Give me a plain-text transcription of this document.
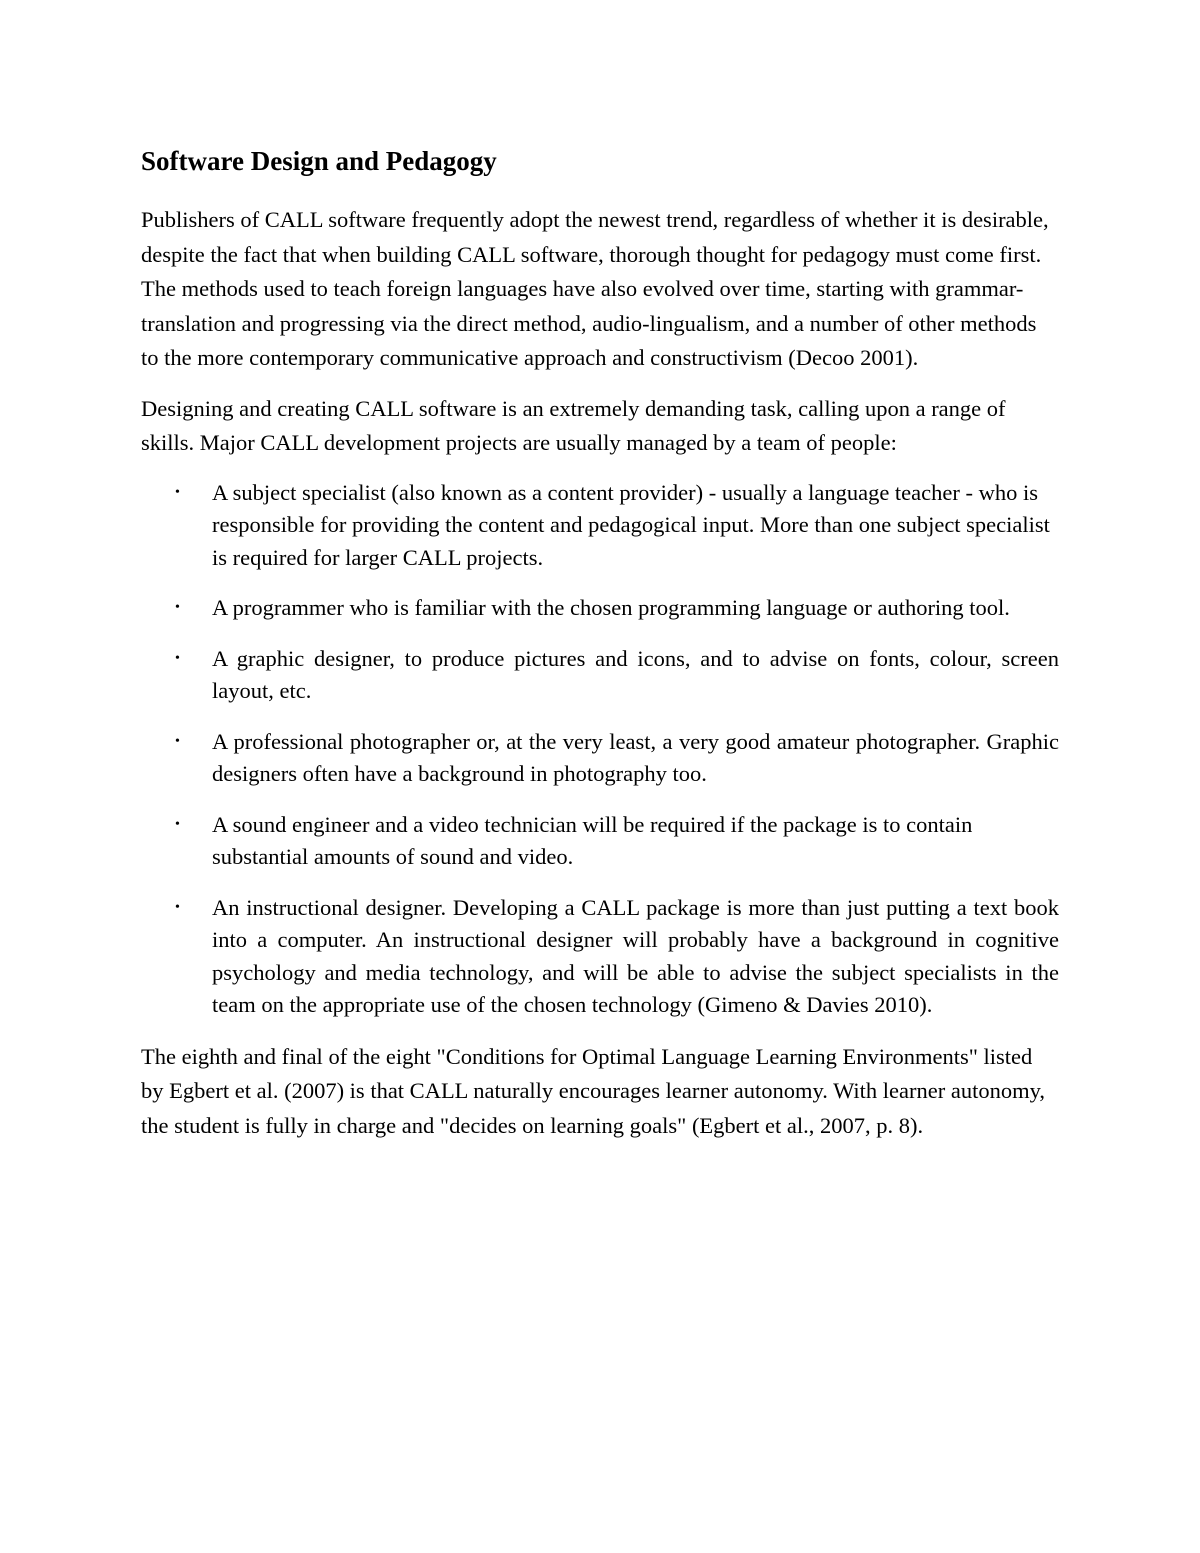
Software Design and Pedagogy

Publishers of CALL software frequently adopt the newest trend, regardless of whether it is desirable, despite the fact that when building CALL software, thorough thought for pedagogy must come first. The methods used to teach foreign languages have also evolved over time, starting with grammar-translation and progressing via the direct method, audio-lingualism, and a number of other methods to the more contemporary communicative approach and constructivism (Decoo 2001).

Designing and creating CALL software is an extremely demanding task, calling upon a range of skills. Major CALL development projects are usually managed by a team of people:

• A subject specialist (also known as a content provider) - usually a language teacher - who is responsible for providing the content and pedagogical input. More than one subject specialist is required for larger CALL projects.
• A programmer who is familiar with the chosen programming language or authoring tool.
• A graphic designer, to produce pictures and icons, and to advise on fonts, colour, screen layout, etc.
• A professional photographer or, at the very least, a very good amateur photographer. Graphic designers often have a background in photography too.
• A sound engineer and a video technician will be required if the package is to contain substantial amounts of sound and video.
• An instructional designer. Developing a CALL package is more than just putting a text book into a computer. An instructional designer will probably have a background in cognitive psychology and media technology, and will be able to advise the subject specialists in the team on the appropriate use of the chosen technology (Gimeno & Davies 2010).

The eighth and final of the eight "Conditions for Optimal Language Learning Environments" listed by Egbert et al. (2007) is that CALL naturally encourages learner autonomy. With learner autonomy, the student is fully in charge and "decides on learning goals" (Egbert et al., 2007, p. 8).
